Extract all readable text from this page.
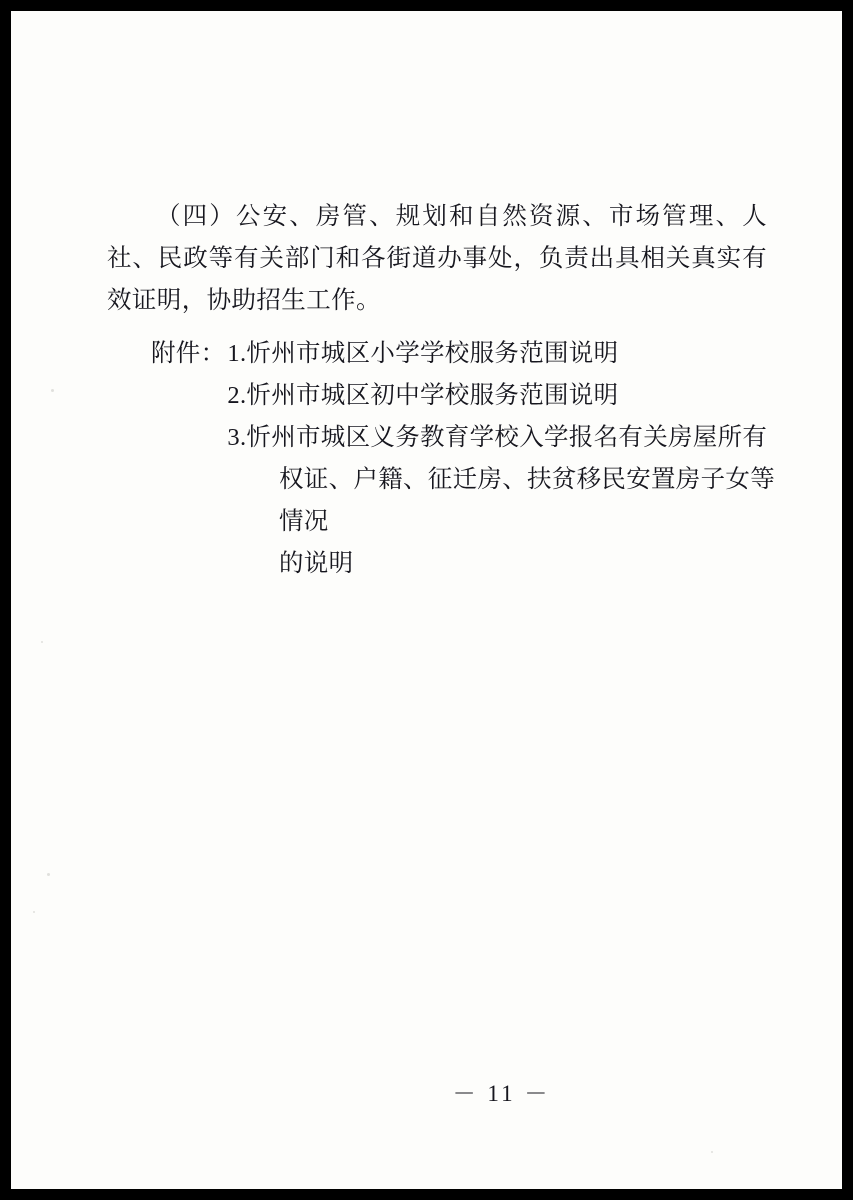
（四）公安、房管、规划和自然资源、市场管理、人社、民政等有关部门和各街道办事处，负责出具相关真实有效证明，协助招生工作。

附件： 1. 忻州市城区小学学校服务范围说明
2. 忻州市城区初中学校服务范围说明
3. 忻州市城区义务教育学校入学报名有关房屋所有
权证、户籍、征迁房、扶贫移民安置房子女等情况
的说明
－ 11 －
